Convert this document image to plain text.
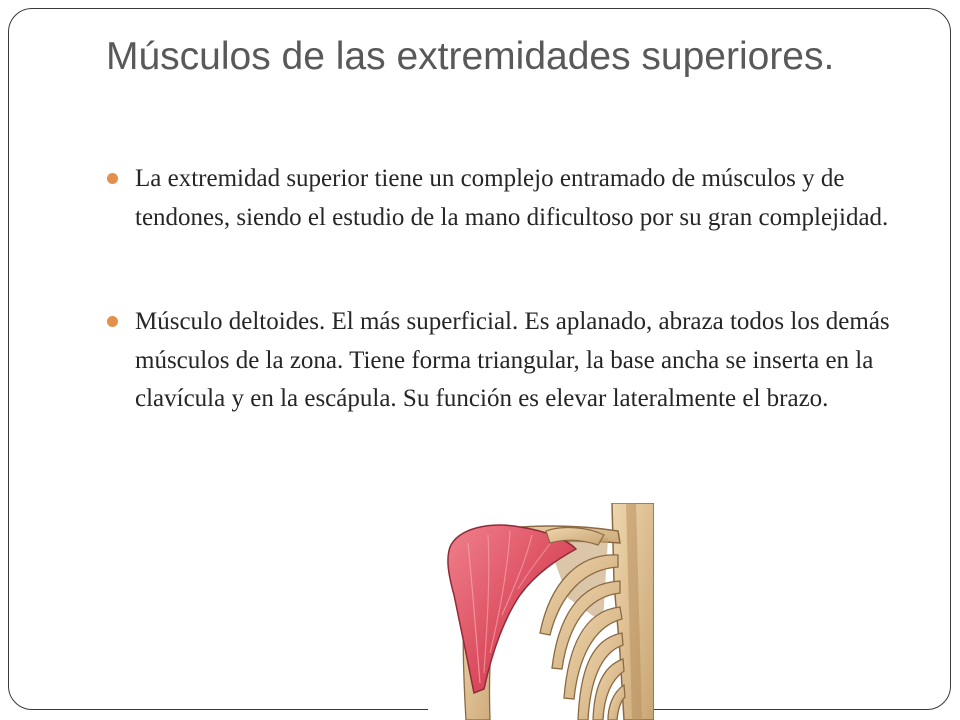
Músculos de las extremidades superiores.
La extremidad superior tiene un complejo entramado de músculos y de tendones, siendo el estudio de la mano dificultoso por su gran complejidad.
Músculo deltoides. El más superficial. Es aplanado, abraza todos los demás músculos de la zona. Tiene forma triangular, la base ancha se inserta en la clavícula y en la escápula. Su función es elevar lateralmente el brazo.
